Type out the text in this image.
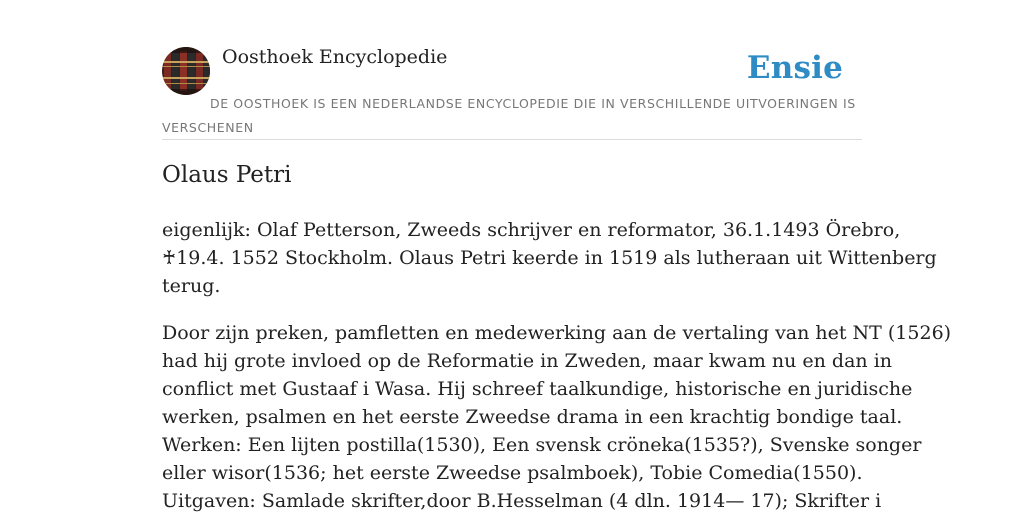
Oosthoek Encyclopedie	Ensie
DE OOSTHOEK IS EEN NEDERLANDSE ENCYCLOPEDIE DIE IN VERSCHILLENDE UITVOERINGEN IS VERSCHENEN
Olaus Petri

eigenlijk: Olaf Petterson, Zweeds schrijver en reformator, 36.1.1493 Örebro,
♰19.4. 1552 Stockholm. Olaus Petri keerde in 1519 als lutheraan uit Wittenberg
terug.

Door zijn preken, pamfletten en medewerking aan de vertaling van het NT (1526)
had hij grote invloed op de Reformatie in Zweden, maar kwam nu en dan in
conflict met Gustaaf i Wasa. Hij schreef taalkundige, historische en juridische
werken, psalmen en het eerste Zweedse drama in een krachtig bondige taal.
Werken: Een lijten postilla(1530), Een svensk cröneka(1535?), Svenske songer
eller wisor(1536; het eerste Zweedse psalmboek), Tobie Comedia(1550).
Uitgaven: Samlade skrifter,door B.Hesselman (4 dln. 1914— 17); Skrifter i
